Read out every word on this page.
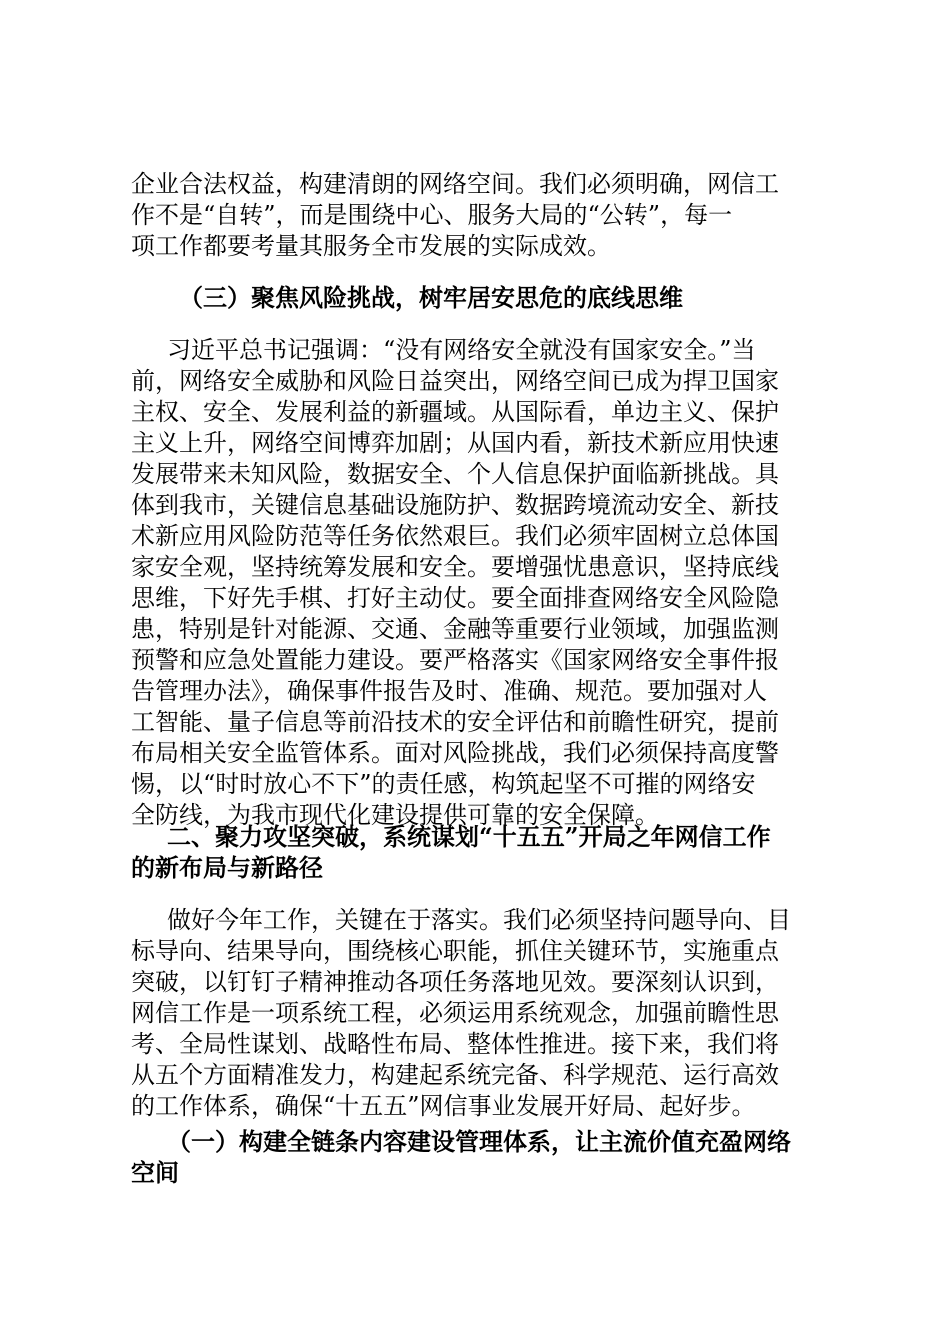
企业合法权益，构建清朗的网络空间。我们必须明确，网信工

作不是“自转”，而是围绕中心、服务大局的“公转”，每一

项工作都要考量其服务全市发展的实际成效。

（三）聚焦风险挑战，树牢居安思危的底线思维

习近平总书记强调：“没有网络安全就没有国家安全。”当

前，网络安全威胁和风险日益突出，网络空间已成为捍卫国家

主权、安全、发展利益的新疆域。从国际看，单边主义、保护

主义上升，网络空间博弈加剧；从国内看，新技术新应用快速

发展带来未知风险，数据安全、个人信息保护面临新挑战。具

体到我市，关键信息基础设施防护、数据跨境流动安全、新技

术新应用风险防范等任务依然艰巨。我们必须牢固树立总体国

家安全观，坚持统筹发展和安全。要增强忧患意识，坚持底线

思维，下好先手棋、打好主动仗。要全面排查网络安全风险隐

患，特别是针对能源、交通、金融等重要行业领域，加强监测

预警和应急处置能力建设。要严格落实《国家网络安全事件报

告管理办法》，确保事件报告及时、准确、规范。要加强对人

工智能、量子信息等前沿技术的安全评估和前瞻性研究，提前

布局相关安全监管体系。面对风险挑战，我们必须保持高度警

惕，以“时时放心不下”的责任感，构筑起坚不可摧的网络安

全防线，为我市现代化建设提供可靠的安全保障。

二、聚力攻坚突破，系统谋划“十五五”开局之年网信工作

的新布局与新路径

做好今年工作，关键在于落实。我们必须坚持问题导向、目

标导向、结果导向，围绕核心职能，抓住关键环节，实施重点

突破，以钉钉子精神推动各项任务落地见效。要深刻认识到，

网信工作是一项系统工程，必须运用系统观念，加强前瞻性思

考、全局性谋划、战略性布局、整体性推进。接下来，我们将

从五个方面精准发力，构建起系统完备、科学规范、运行高效

的工作体系，确保“十五五”网信事业发展开好局、起好步。

（一）构建全链条内容建设管理体系，让主流价值充盈网络

空间
